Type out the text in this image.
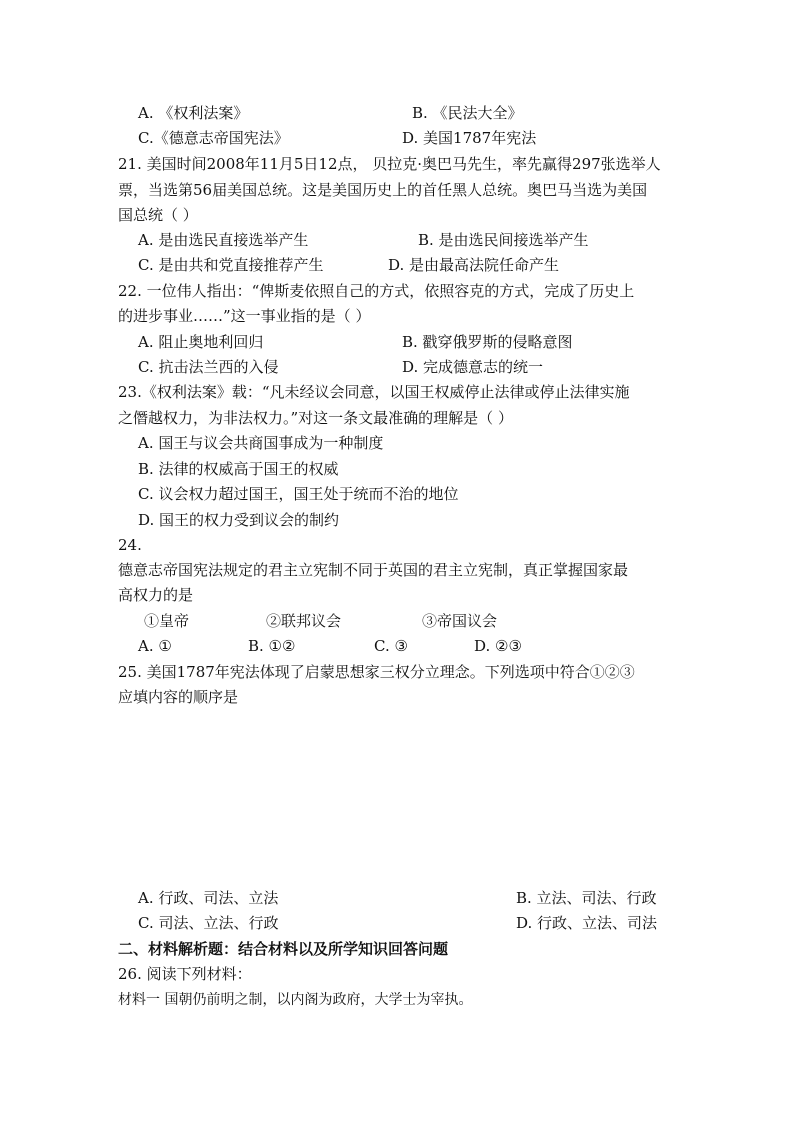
A. 《权利法案》	B. 《民法大全》
C.《德意志帝国宪法》	D. 美国1787年宪法
21. 美国时间2008年11月5日12点， 贝拉克·奥巴马先生，率先赢得297张选举人
票，当选第56届美国总统。这是美国历史上的首任黑人总统。奥巴马当选为美国
国总统（ ）
A. 是由选民直接选举产生	B. 是由选民间接选举产生
C. 是由共和党直接推荐产生	D. 是由最高法院任命产生
22. 一位伟人指出：“俾斯麦依照自己的方式，依照容克的方式，完成了历史上
的进步事业……”这一事业指的是（ ）
A. 阻止奥地利回归	B. 戳穿俄罗斯的侵略意图
C. 抗击法兰西的入侵	D. 完成德意志的统一
23.《权利法案》载：“凡未经议会同意，以国王权威停止法律或停止法律实施
之僭越权力，为非法权力。”对这一条文最准确的理解是（ ）
A. 国王与议会共商国事成为一种制度
B. 法律的权威高于国王的权威
C. 议会权力超过国王，国王处于统而不治的地位
D. 国王的权力受到议会的制约
24.
德意志帝国宪法规定的君主立宪制不同于英国的君主立宪制，真正掌握国家最
高权力的是
①皇帝	②联邦议会	③帝国议会
A. ①	B. ①②	C. ③	D. ②③
25. 美国1787年宪法体现了启蒙思想家三权分立理念。下列选项中符合①②③
应填内容的顺序是
A. 行政、司法、立法	B. 立法、司法、行政
C. 司法、立法、行政	D. 行政、立法、司法
二、材料解析题：结合材料以及所学知识回答问题
26. 阅读下列材料：
材料一 国朝仍前明之制，以内阁为政府，大学士为宰执。
